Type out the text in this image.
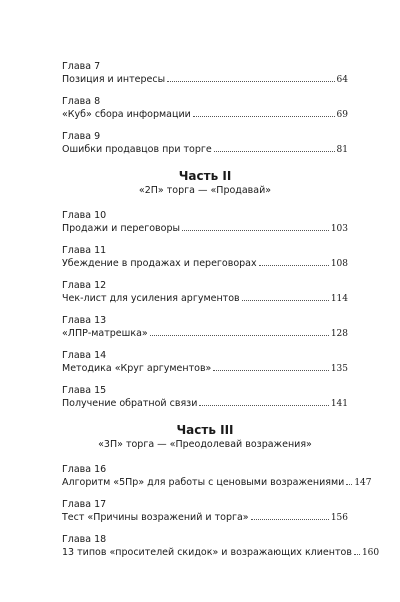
Глава 7
Позиция и интересы	64
Глава 8
«Куб» сбора информации	69
Глава 9
Ошибки продавцов при торге	81
Часть II
«2П» торга — «Продавай»
Глава 10
Продажи и переговоры	103
Глава 11
Убеждение в продажах и переговорах	108
Глава 12
Чек-лист для усиления аргументов	114
Глава 13
«ЛПР-матрешка»	128
Глава 14
Методика «Круг аргументов»	135
Глава 15
Получение обратной связи	141
Часть III
«3П» торга — «Преодолевай возражения»
Глава 16
Алгоритм «5Пр» для работы с ценовыми возражениями 147
Глава 17
Тест «Причины возражений и торга»	156
Глава 18
13 типов «просителей скидок» и возражающих клиентов 160
